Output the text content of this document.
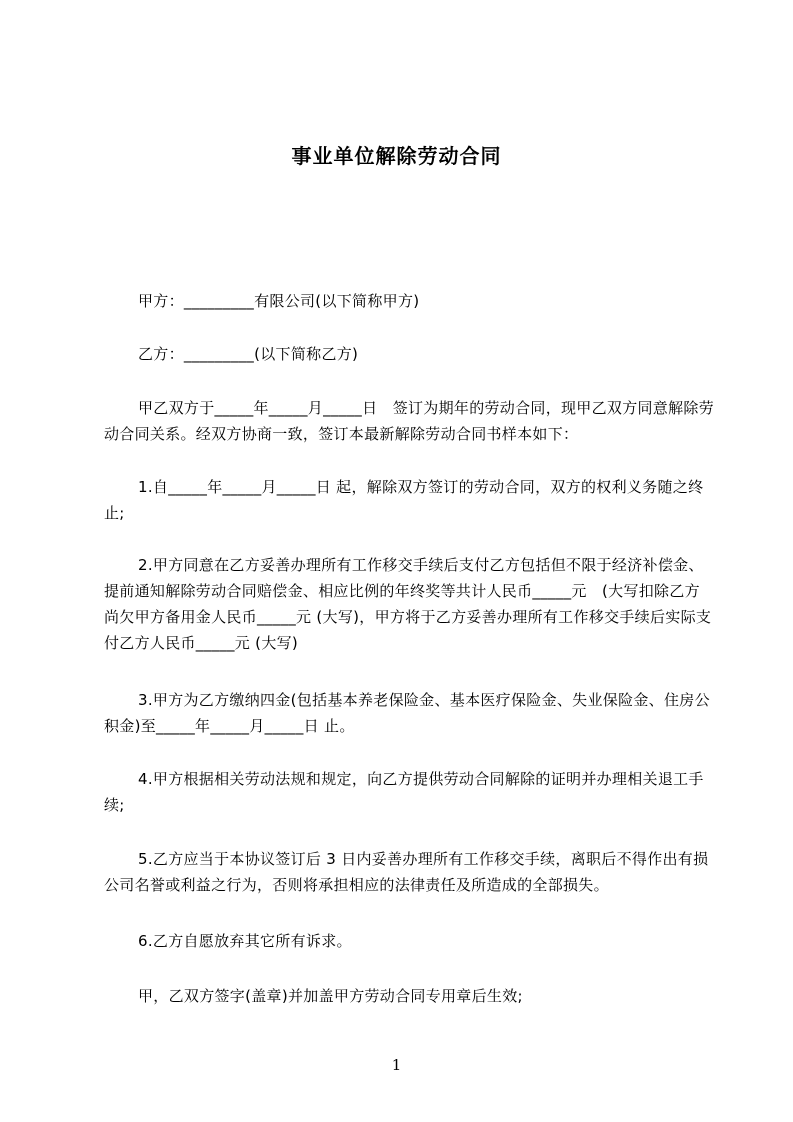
事业单位解除劳动合同
甲方：_________有限公司(以下简称甲方)
乙方：_________(以下简称乙方)
甲乙双方于_____年_____月_____日　签订为期年的劳动合同，现甲乙双方同意解除劳动合同关系。经双方协商一致，签订本最新解除劳动合同书样本如下：
1.自_____年_____月_____日 起，解除双方签订的劳动合同，双方的权利义务随之终止;
2.甲方同意在乙方妥善办理所有工作移交手续后支付乙方包括但不限于经济补偿金、提前通知解除劳动合同赔偿金、相应比例的年终奖等共计人民币_____元　(大写扣除乙方尚欠甲方备用金人民币_____元 (大写)，甲方将于乙方妥善办理所有工作移交手续后实际支付乙方人民币_____元 (大写)
3.甲方为乙方缴纳四金(包括基本养老保险金、基本医疗保险金、失业保险金、住房公积金)至_____年_____月_____日 止。
4.甲方根据相关劳动法规和规定，向乙方提供劳动合同解除的证明并办理相关退工手续;
5.乙方应当于本协议签订后 3 日内妥善办理所有工作移交手续，离职后不得作出有损公司名誉或利益之行为，否则将承担相应的法律责任及所造成的全部损失。
6.乙方自愿放弃其它所有诉求。
甲，乙双方签字(盖章)并加盖甲方劳动合同专用章后生效;
1
